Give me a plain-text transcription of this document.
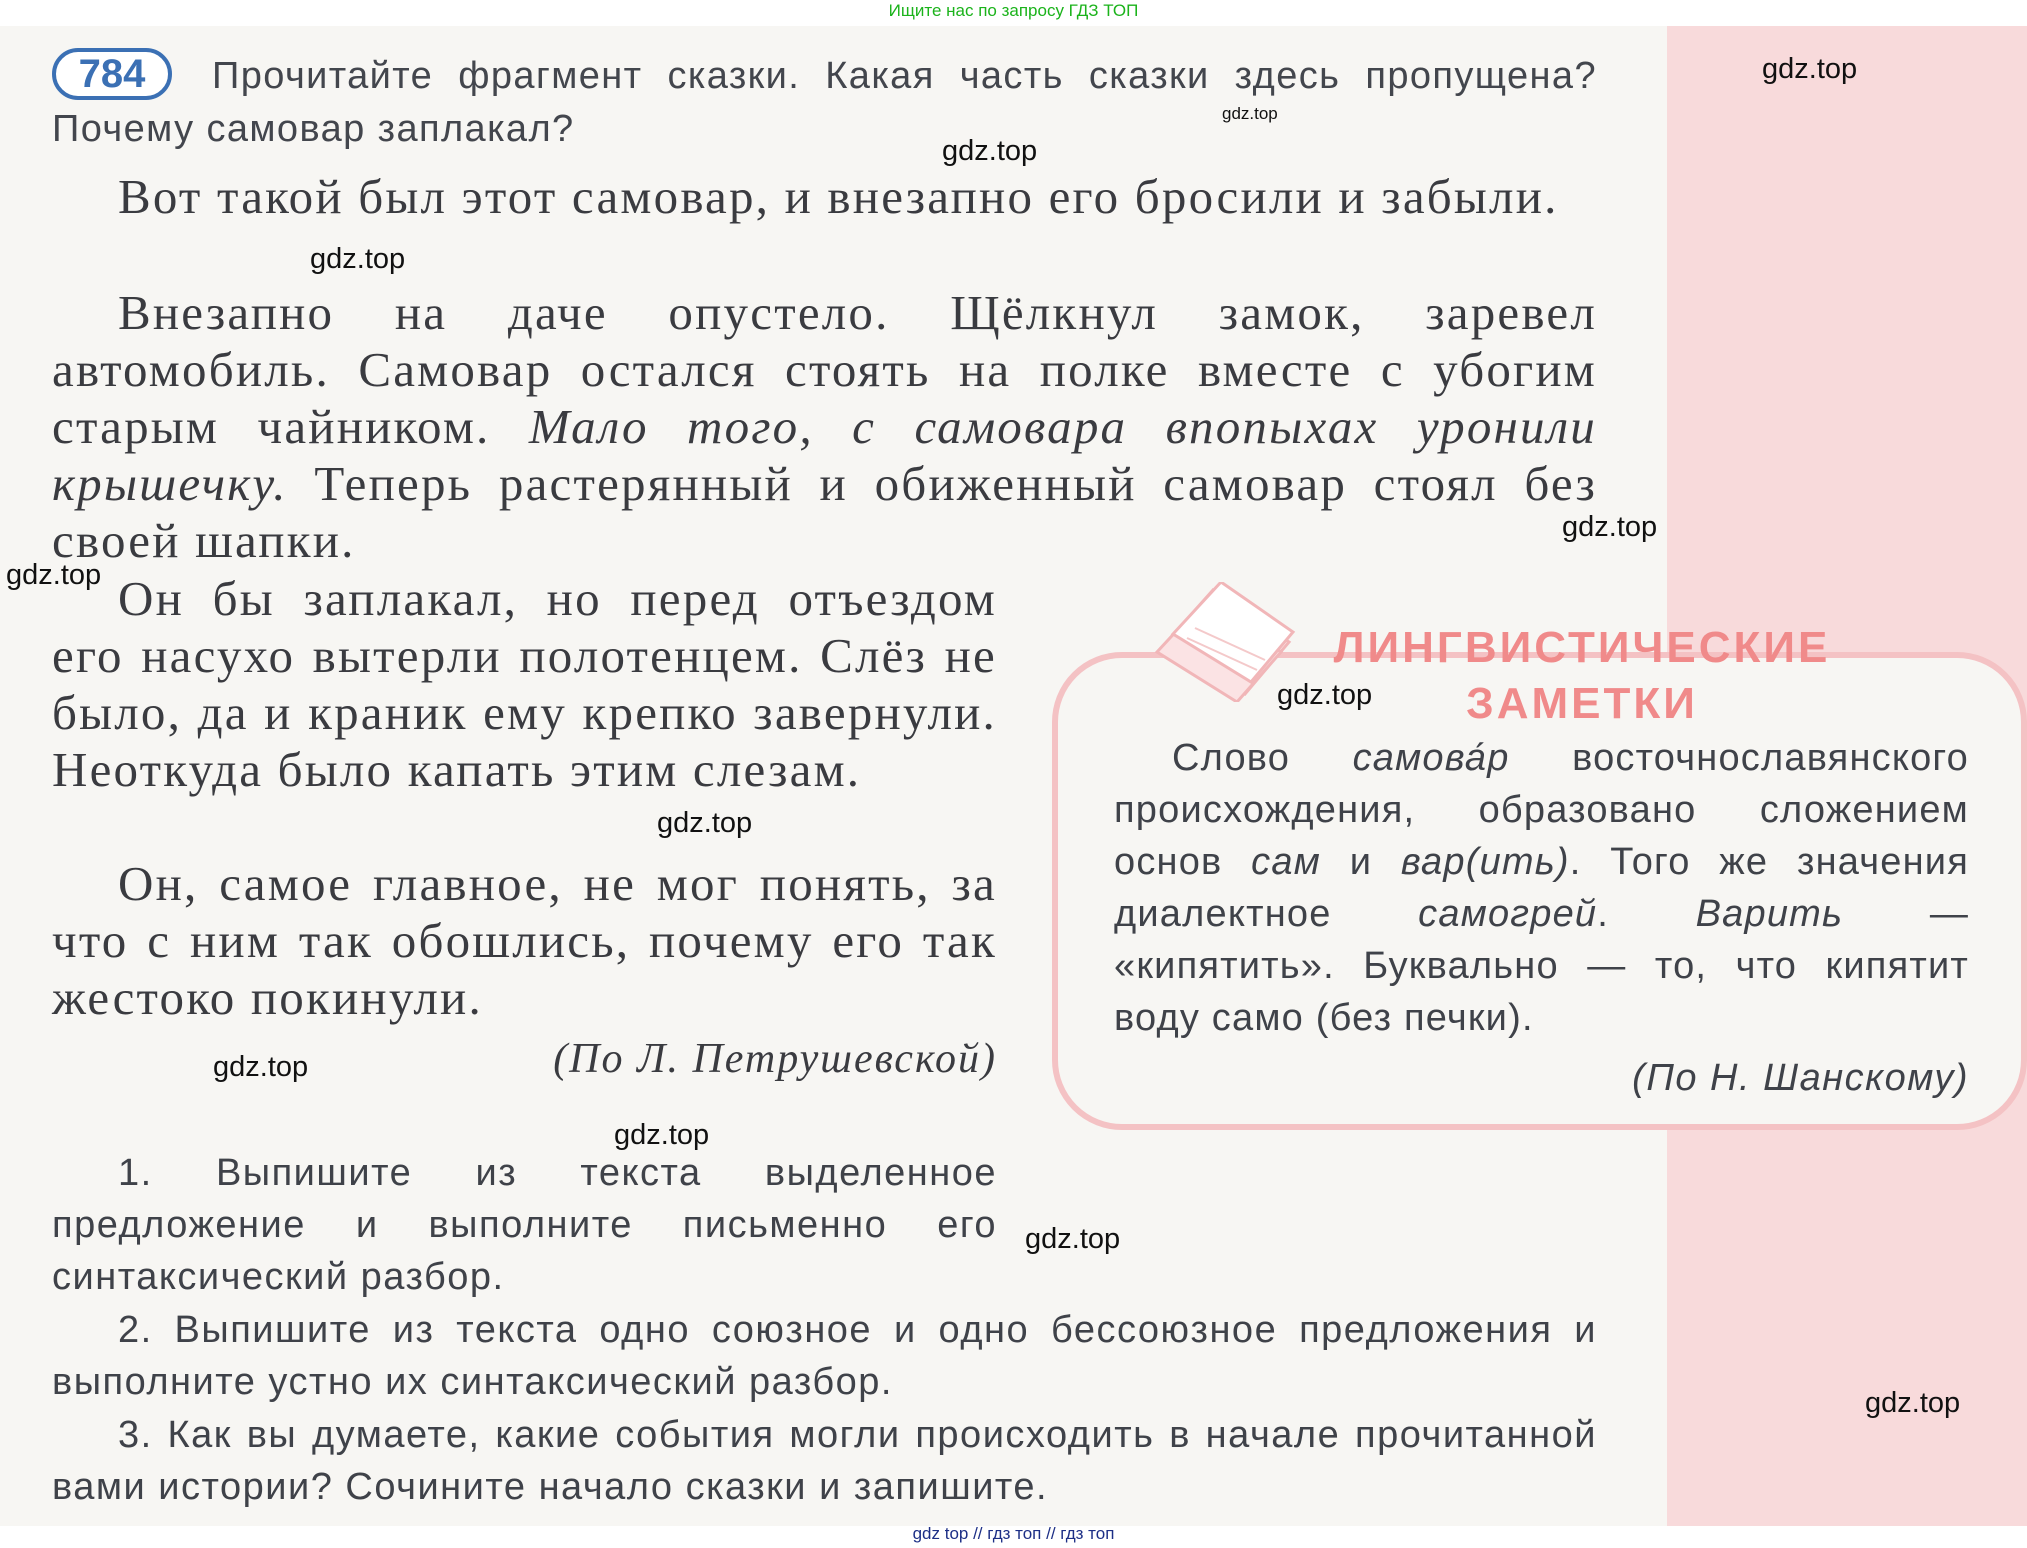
Ищите нас по запросу ГДЗ ТОП
784	Прочитайте фрагмент сказки. Какая часть сказки здесь пропущена? Почему самовар заплакал?
Вот такой был этот самовар, и внезапно его бросили и забыли.
Внезапно на даче опустело. Щёлкнул замок, заревел автомобиль. Самовар остался стоять на полке вместе с убогим старым чайником. Мало того, с самовара впопыхах уронили крышечку. Теперь растерянный и обиженный самовар стоял без своей шапки.
Он бы заплакал, но перед отъездом его насухо вытерли полотенцем. Слёз не было, да и краник ему крепко завернули. Неоткуда было капать этим слезам.
Он, самое главное, не мог понять, за что с ним так обошлись, почему его так жестоко покинули.
(По Л. Петрушевской)
1. Выпишите из текста выделенное предложение и выполните письменно его синтаксический разбор.
2. Выпишите из текста одно союзное и одно бессоюзное предложения и выполните устно их синтаксический разбор.
3. Как вы думаете, какие события могли происходить в начале прочитанной вами истории? Сочините начало сказки и запишите.
ЛИНГВИСТИЧЕСКИЕ
ЗАМЕТКИ
Слово самова́р восточнославянского происхождения, образовано сложением основ сам и вар(ить). Того же значения диалектное самогрей. Варить — «кипятить». Буквально — то, что кипятит воду само (без печки).
(По Н. Шанскому)
gdz.top
gdz.top
gdz.top
gdz.top
gdz.top
gdz.top
gdz.top
gdz.top
gdz.top
gdz.top
gdz.top
gdz.top
gdz top // гдз топ // гдз топ
